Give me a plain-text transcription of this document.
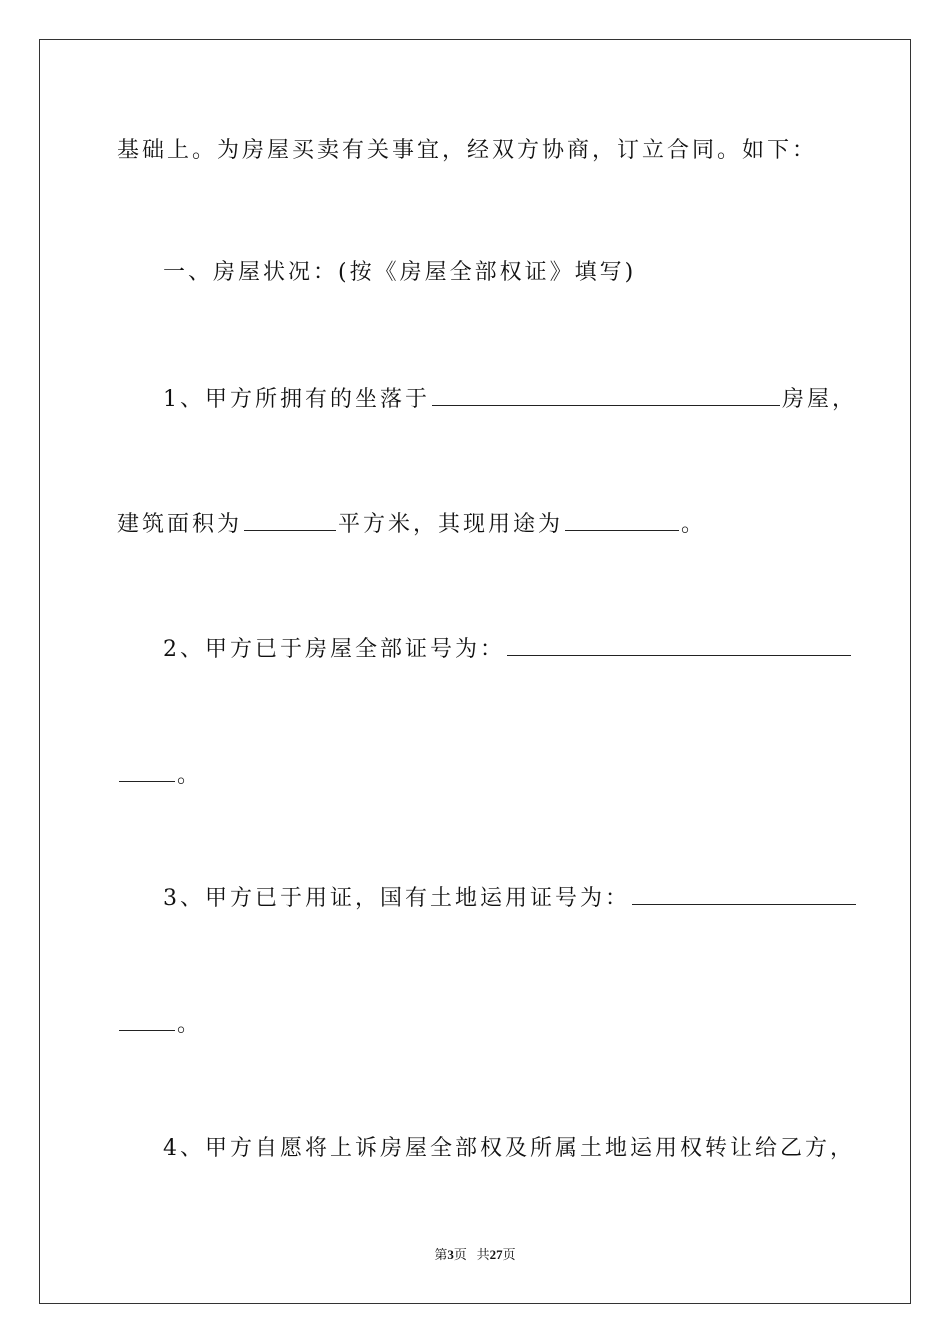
基础上。为房屋买卖有关事宜，经双方协商，订立合同。如下：
一、房屋状况：(按《房屋全部权证》填写)
1、甲方所拥有的坐落于	房屋，
建筑面积为	平方米，其现用途为	。
2、甲方已于房屋全部证号为：
。
3、甲方已于用证，国有土地运用证号为：
。
4、甲方自愿将上诉房屋全部权及所属土地运用权转让给乙方，
第3页 共27页
